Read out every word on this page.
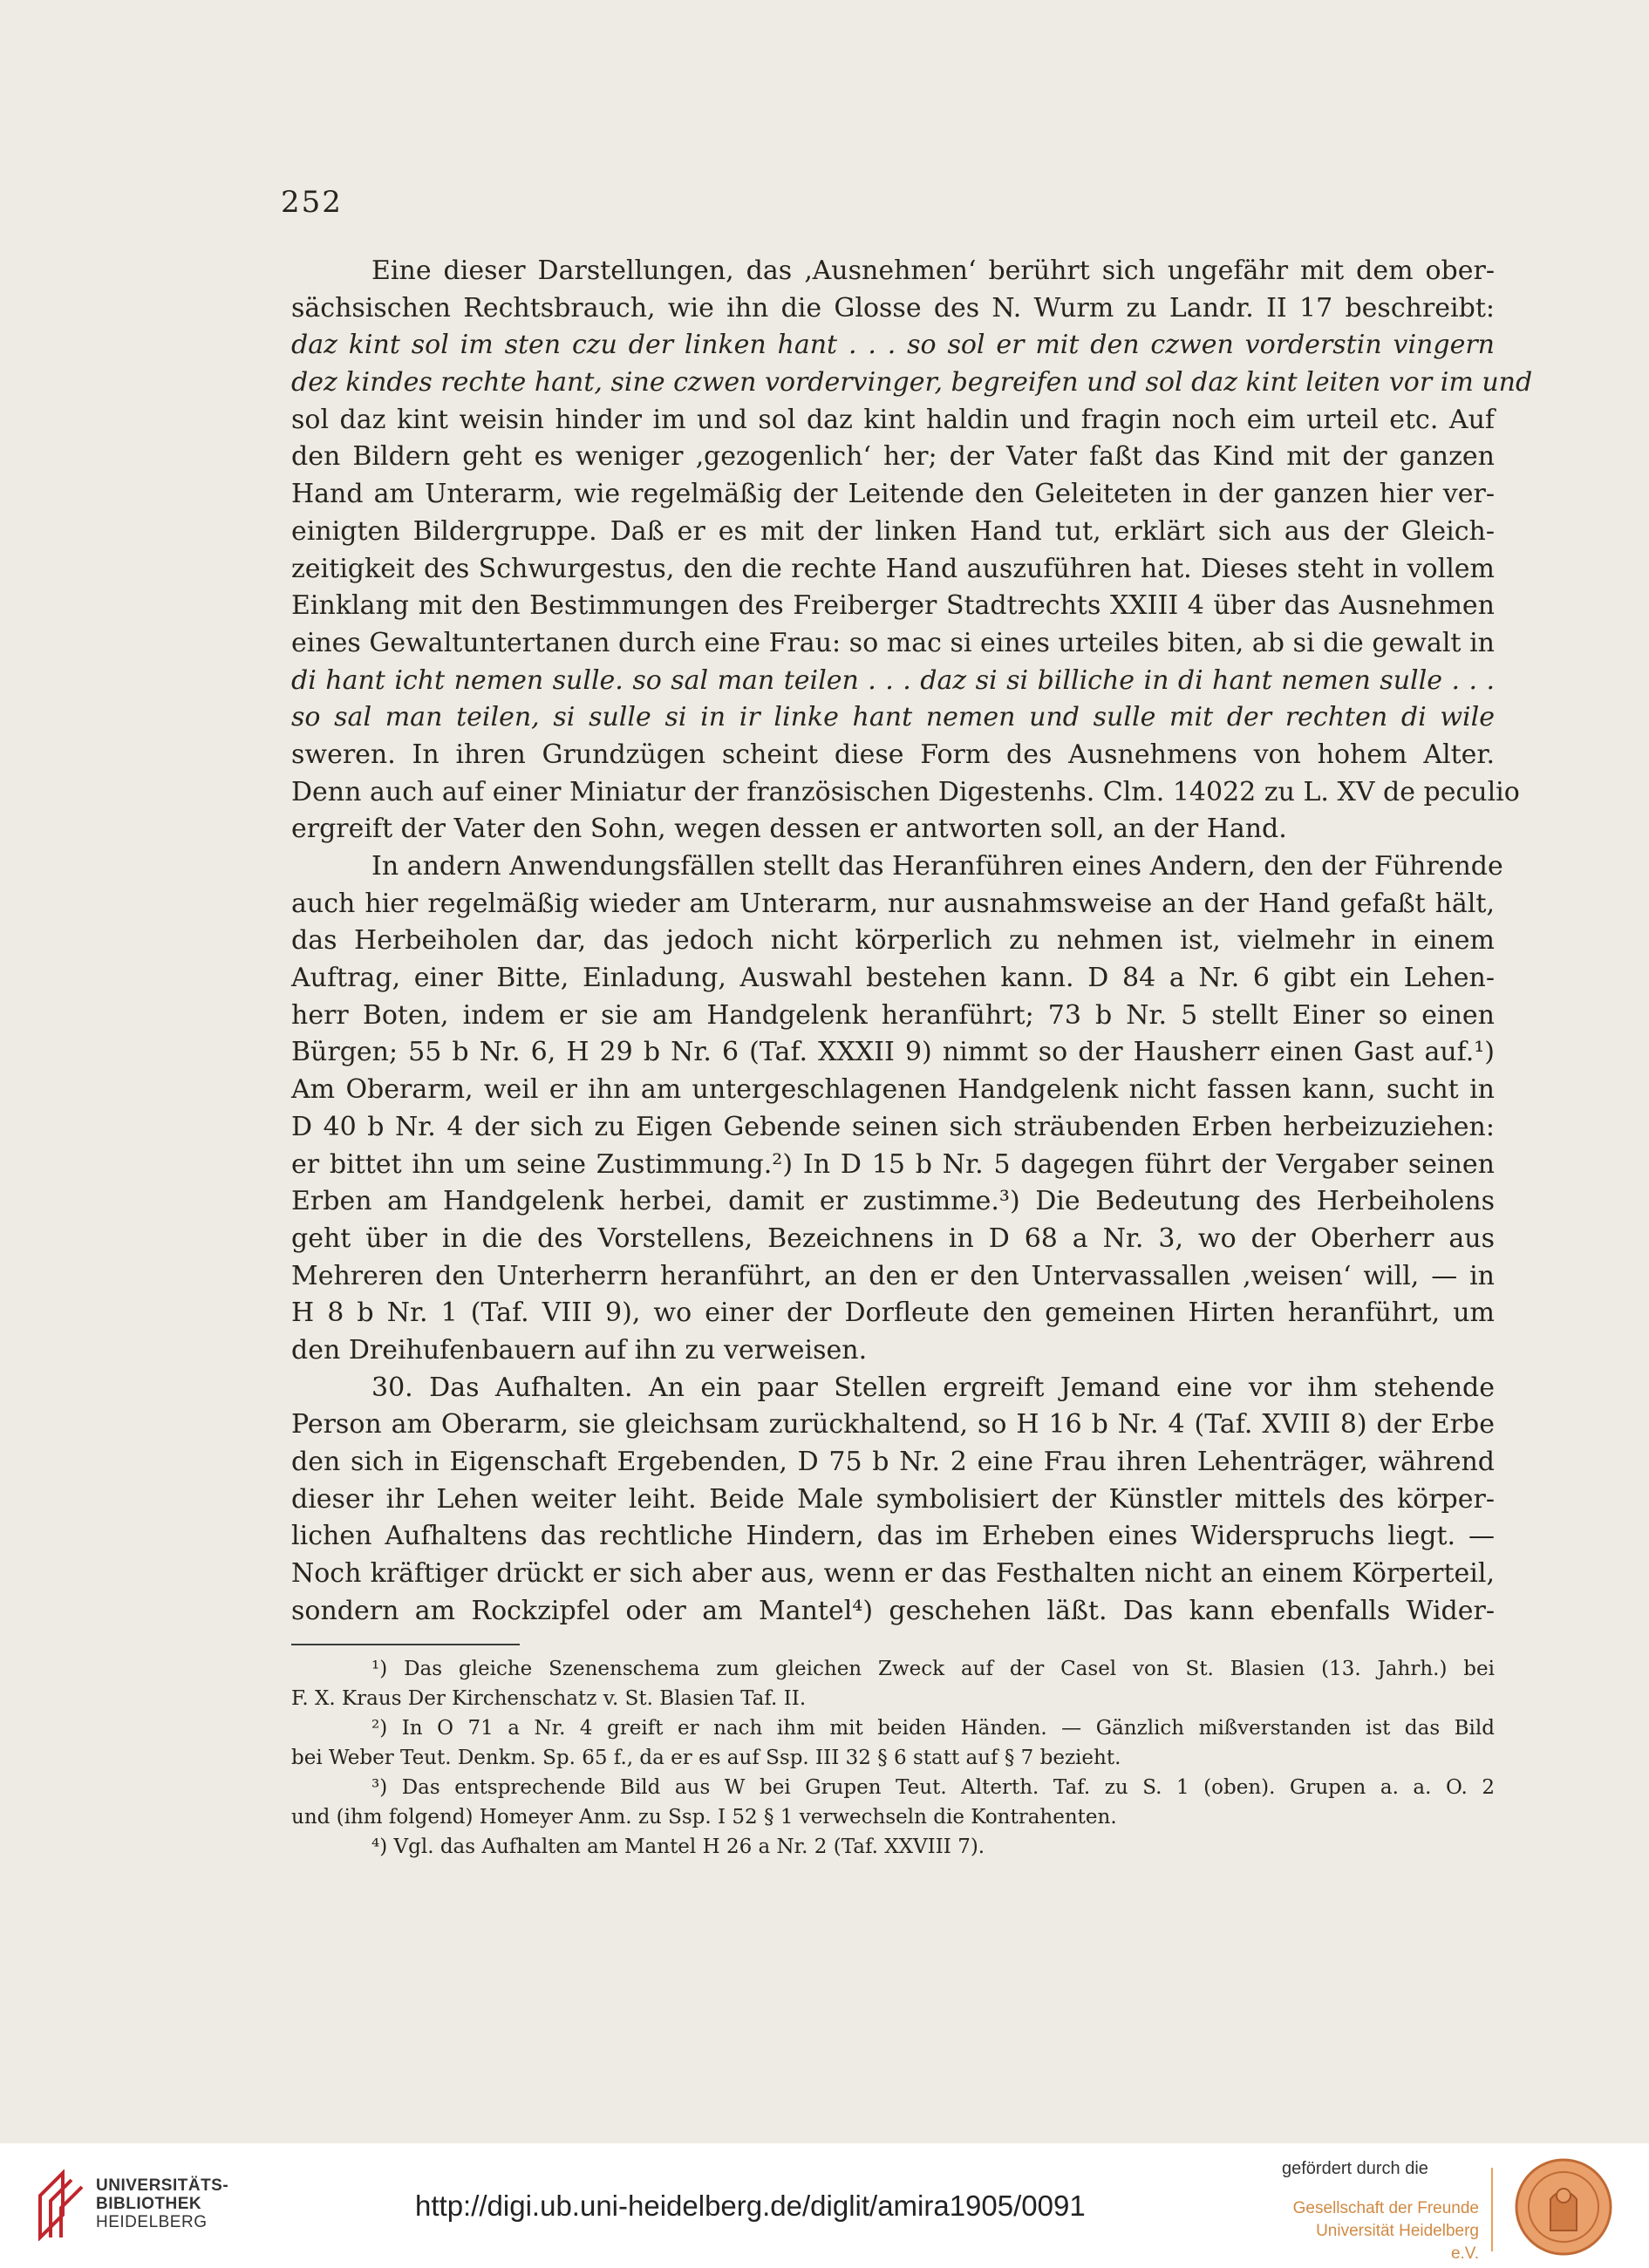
252
Eine dieser Darstellungen, das ‚Ausnehmen‘ berührt sich ungefähr mit dem ober-
sächsischen Rechtsbrauch, wie ihn die Glosse des N. Wurm zu Landr. II 17 beschreibt:
daz kint sol im sten czu der linken hant . . . so sol er mit den czwen vorderstin vingern
dez kindes rechte hant, sine czwen vordervinger, begreifen und sol daz kint leiten vor im und
sol daz kint weisin hinder im und sol daz kint haldin und fragin noch eim urteil etc. Auf
den Bildern geht es weniger ‚gezogenlich‘ her; der Vater faßt das Kind mit der ganzen
Hand am Unterarm, wie regelmäßig der Leitende den Geleiteten in der ganzen hier ver-
einigten Bildergruppe. Daß er es mit der linken Hand tut, erklärt sich aus der Gleich-
zeitigkeit des Schwurgestus, den die rechte Hand auszuführen hat. Dieses steht in vollem
Einklang mit den Bestimmungen des Freiberger Stadtrechts XXIII 4 über das Ausnehmen
eines Gewaltuntertanen durch eine Frau: so mac si eines urteiles biten, ab si die gewalt in
di hant icht nemen sulle. so sal man teilen . . . daz si si billiche in di hant nemen sulle . . .
so sal man teilen, si sulle si in ir linke hant nemen und sulle mit der rechten di wile
sweren. In ihren Grundzügen scheint diese Form des Ausnehmens von hohem Alter.
Denn auch auf einer Miniatur der französischen Digestenhs. Clm. 14022 zu L. XV de peculio
ergreift der Vater den Sohn, wegen dessen er antworten soll, an der Hand.
In andern Anwendungsfällen stellt das Heranführen eines Andern, den der Führende
auch hier regelmäßig wieder am Unterarm, nur ausnahmsweise an der Hand gefaßt hält,
das Herbeiholen dar, das jedoch nicht körperlich zu nehmen ist, vielmehr in einem
Auftrag, einer Bitte, Einladung, Auswahl bestehen kann. D 84 a Nr. 6 gibt ein Lehen-
herr Boten, indem er sie am Handgelenk heranführt; 73 b Nr. 5 stellt Einer so einen
Bürgen; 55 b Nr. 6, H 29 b Nr. 6 (Taf. XXXII 9) nimmt so der Hausherr einen Gast auf.¹)
Am Oberarm, weil er ihn am untergeschlagenen Handgelenk nicht fassen kann, sucht in
D 40 b Nr. 4 der sich zu Eigen Gebende seinen sich sträubenden Erben herbeizuziehen:
er bittet ihn um seine Zustimmung.²) In D 15 b Nr. 5 dagegen führt der Vergaber seinen
Erben am Handgelenk herbei, damit er zustimme.³) Die Bedeutung des Herbeiholens
geht über in die des Vorstellens, Bezeichnens in D 68 a Nr. 3, wo der Oberherr aus
Mehreren den Unterherrn heranführt, an den er den Untervassallen ‚weisen‘ will, — in
H 8 b Nr. 1 (Taf. VIII 9), wo einer der Dorfleute den gemeinen Hirten heranführt, um
den Dreihufenbauern auf ihn zu verweisen.
30. Das Aufhalten. An ein paar Stellen ergreift Jemand eine vor ihm stehende
Person am Oberarm, sie gleichsam zurückhaltend, so H 16 b Nr. 4 (Taf. XVIII 8) der Erbe
den sich in Eigenschaft Ergebenden, D 75 b Nr. 2 eine Frau ihren Lehenträger, während
dieser ihr Lehen weiter leiht. Beide Male symbolisiert der Künstler mittels des körper-
lichen Aufhaltens das rechtliche Hindern, das im Erheben eines Widerspruchs liegt. —
Noch kräftiger drückt er sich aber aus, wenn er das Festhalten nicht an einem Körperteil,
sondern am Rockzipfel oder am Mantel⁴) geschehen läßt. Das kann ebenfalls Wider-
¹) Das gleiche Szenenschema zum gleichen Zweck auf der Casel von St. Blasien (13. Jahrh.) bei
F. X. Kraus Der Kirchenschatz v. St. Blasien Taf. II.
²) In O 71 a Nr. 4 greift er nach ihm mit beiden Händen. — Gänzlich mißverstanden ist das Bild
bei Weber Teut. Denkm. Sp. 65 f., da er es auf Ssp. III 32 § 6 statt auf § 7 bezieht.
³) Das entsprechende Bild aus W bei Grupen Teut. Alterth. Taf. zu S. 1 (oben). Grupen a. a. O. 2
und (ihm folgend) Homeyer Anm. zu Ssp. I 52 § 1 verwechseln die Kontrahenten.
⁴) Vgl. das Aufhalten am Mantel H 26 a Nr. 2 (Taf. XXVIII 7).
UNIVERSITÄTS-
BIBLIOTHEK
HEIDELBERG
http://digi.ub.uni-heidelberg.de/diglit/amira1905/0091
gefördert durch die
Gesellschaft der Freunde
Universität Heidelberg e.V.
